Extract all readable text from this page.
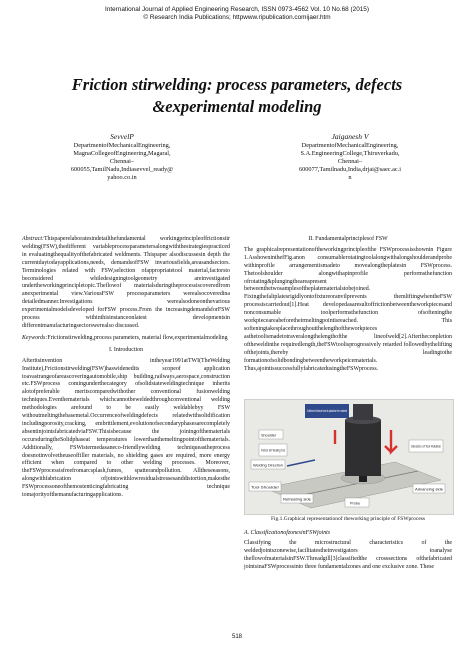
International Journal of Applied Engineering Research, ISSN 0973-4562 Vol. 10 No.68 (2015)
© Research India Publications; httpwww.ripublication.comijaer.htm
Friction stirwelding: process parameters, defects
&experimental modeling
SevvelP
DepartmentofMechanicalEngineering,
MagnaCollegeofEngineering,Magaral,
Chennai–
600055,TamilNadu,Indiasevvel_ready@
yahoo.co.in
Jaiganesh V
DepartmentofMechanicalEngineering,
S.A.EngineeringCollege,Thiruverkadu,
Chennai–
600077,Tamilnadu,India,drjai@saec.ac.i
n

Abstract:Thispaperelaboratesindetailthefundamental workingprincipleoffrictionstir welding(FSW),thedifferent variableprocessparametersalongwiththestrategiespracticed in evaluatingthequalityofthefabricated weldments. Thispaper alsodiscussesin depth the currentdaytodayapplications,needs, demandsofFSW invariousfields,areasandsectors. Terminologies related with FSW,selection ofappropriatetool material,factorsto beconsidered whiledesigningtoolgeometry areinvestigated undertheworkingprincipletopic.Theflowof materialsduringtheprocessiscoveredfrom anexperimental view.VariousFSW processparameters werealsocoveredina detailedmanner.Investigations werealsodoneonthevarious experimentalmodelsdeveloped forFSW process.From the increasingdemandsforFSW process withinthisinstanceonlatest developmentsin differentmanufacturingsectorswerealso discussed.

Keywords:Frictionstirwelding,process parameters, material flow,experimentalmodeling

I. Introduction

Afteritsinvention intheyear1991atTWI(TheWelding Institute),Frictionstirwelding(FSW)haswidenedits scopeof application toavastrangeofareascoveringautomobile,ship building,railways,aerospace,construction etc.FSWprocess comingunderthecategory ofsolidstateweldingtechnique inherits alotofpreferable meritscomparedwithother conventional fusionwelding techniques.Eventhematerials whichcannotbeweldedthroughconventional welding methodologies arefound to be easily weldablebyy FSW withoutmeltingthebasemetal.Occurrenceofweldingdefects relatedwithsolidification includingporosity,cracking, embrittlement,evolutionofsecondaryphasesarecompletely absentinjointsfabricatedviaFSW.Thisisbecause the joiningofthematerials occursduringtheSolidphaseat temperatures lowerthanthemeltingpointofthematerials. Additionally, FSWistermedasaneco-friendlywelding techniqueastheprocess doesnotinvolvetheuseoffiller materials, no shielding gases are required, more energy efficient when compared to other welding processes. Moreover, theFSWprocessisfreefromarcsplash,fumes, spatterandpollution. Alltheseeasons, alongwithfabrication ofjointswithlowresidualstressesanddistortion,makesthe FSWprocessoneofthemostenticingfabricating technique tomajorityofthemanufacturingapplications.

II. Fundamentalprinciplesof FSW

The graphicalrepresentationoftheworkingprincipleofthe FSWprocessisshownin Figure 1.AsshowninthefFig.anon consumablerotatingtoolalongwithalongshoulderandprobe withinprofile arrangementismadeto movealongtheplatesin FSWprocess. Thetoolshoulder alongwithapinprofile performsthefunction ofrotating&plungingtheareapresent betweenthetwosamplesoftheplatematerialstobejoined. Fixingthefaltplatesrigidlyontofixtureoranvilprevents themliftingwhentheFSW processiscarriedout[1].Heat developedasaresultoffrictionbetweentheworkpiecesand nonconsumable toolperformsthefunction ofsofteningthe workpieceareabeforetheirmeltingpointisreached. This softeningtakesplacethroughoutthelengthoftheworkpieces asthetoolismadetotraveralongthelengthofthe lineofweld[2].Aftertheconpletion oftheweldinthe requiredlength,theFSWtoolisprogressively retarded followedbythelifting ofthejoints,thereby leadingtothe formationofsolidbondingbetweentheworkpeicematerials. Thus,ajointissuccessfullyfabricatedusingtheFSWprocess.

Shoulder
Friction Stir Welding Tool
Welding Direction
Sufficient frictional heat to plasticize the material
Direction of Tool Rotation
Tool Shoulder
Retreating side
Advancing side
Probe
Fig.1.Graphical representationof theworking principle of FSWprocess
A. ClassificationofzonesinFSWjoints

Classifying the microstructural characteristics of the weldedjointszonewise,facilitatestheinvestigators toanalyse theflowofmaterialsinFSW.Threadgill[3]classifiedthe crosssections ofthefabricated jointsinaFSWprocessinto three fundamentalzones and one exclusive zone. These

518
